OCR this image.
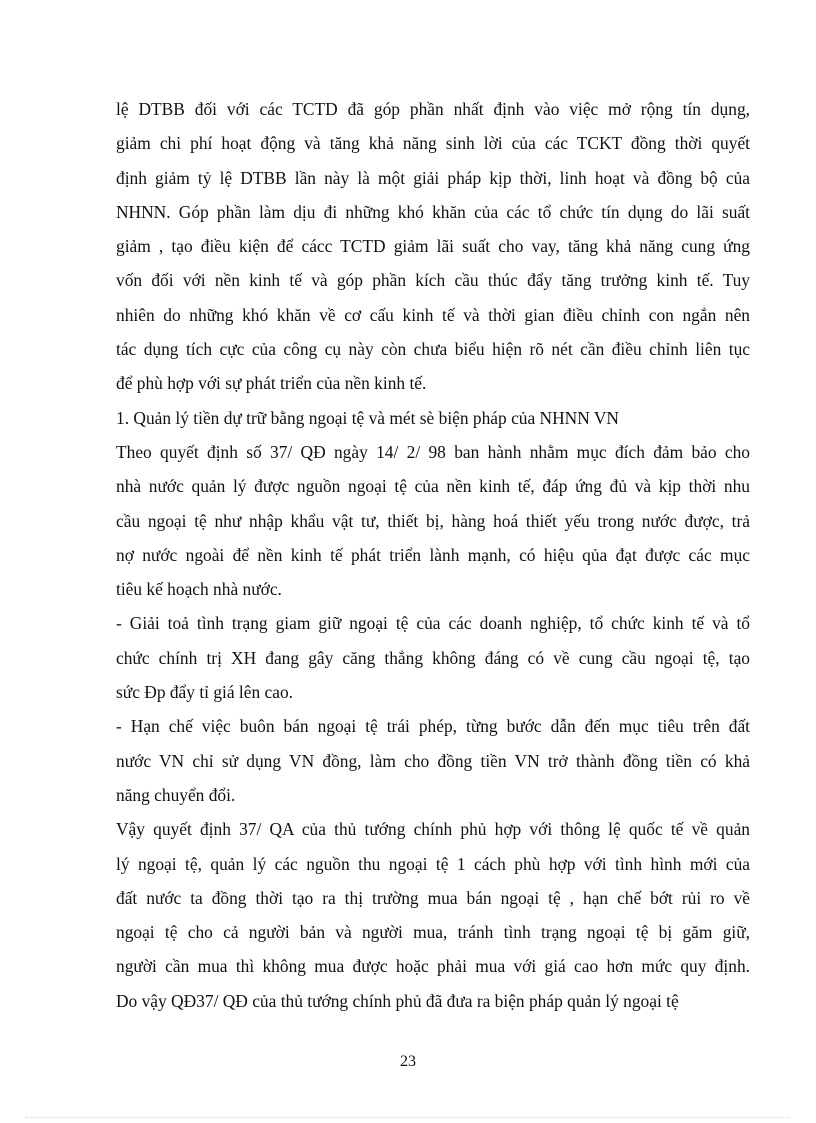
lệ DTBB đối với các TCTD đã góp phần nhất định vào việc mở rộng tín dụng,
giảm chi phí hoạt động và tăng khả năng sinh lời của các TCKT đồng thời quyết
định giảm tỷ lệ DTBB lần này là một giải pháp kịp thời, linh hoạt và đồng bộ của
NHNN. Góp phần làm dịu đi những khó khăn của các tổ chức tín dụng do lãi suất
giảm , tạo điều kiện để cácc TCTD giảm lãi suất cho vay, tăng khả năng cung ứng
vốn đối với nền kinh tế và góp phần kích cầu thúc đẩy tăng trưởng kinh tế. Tuy
nhiên do những khó khăn về cơ cấu kinh tế và thời gian điều chỉnh con ngắn nên
tác dụng tích cực của công cụ này còn chưa biểu hiện rõ nét cần điều chỉnh liên tục
để phù hợp với sự phát triển của nền kinh tế.
1. Quản lý tiền dự trữ bằng ngoại tệ và mét sè biện pháp của NHNN VN
Theo quyết định số 37/ QĐ ngày 14/ 2/ 98 ban hành nhằm mục đích đảm bảo cho
nhà nước quản lý được nguồn ngoại tệ của nền kinh tế, đáp ứng đủ và kịp thời nhu
cầu ngoại tệ như nhập khẩu vật tư, thiết bị, hàng hoá thiết yếu trong nước được, trả
nợ nước ngoài để nền kinh tế phát triển lành mạnh, có hiệu qủa đạt được các mục
tiêu kế hoạch nhà nước.
- Giải toả tình trạng giam giữ ngoại tệ của các doanh nghiệp, tổ chức kinh tế và tổ
chức chính trị XH đang gây căng thẳng không đáng có về cung cầu ngoại tệ, tạo
sức Đp đẩy tỉ giá lên cao.
- Hạn chế việc buôn bán ngoại tệ trái phép, từng bước dẫn đến mục tiêu trên đất
nước VN chỉ sử dụng VN đồng, làm cho đồng tiền VN trở thành đồng tiền có khả
năng chuyển đổi.
Vậy quyết định 37/ QA của thủ tướng chính phủ hợp với thông lệ quốc tế về quản
lý ngoại tệ, quản lý các nguồn thu ngoại tệ 1 cách phù hợp với tình hình mới của
đất nước ta đồng thời tạo ra thị trường mua bán ngoại tệ , hạn chế bớt rủi ro về
ngoại tệ cho cả người bản và người mua, tránh tình trạng ngoại tệ bị găm giữ,
người cần mua thì không mua được hoặc phải mua với giá cao hơn mức quy định.
Do vậy QĐ37/ QĐ của thủ tướng chính phủ đã đưa ra biện pháp quản lý ngoại tệ
23
